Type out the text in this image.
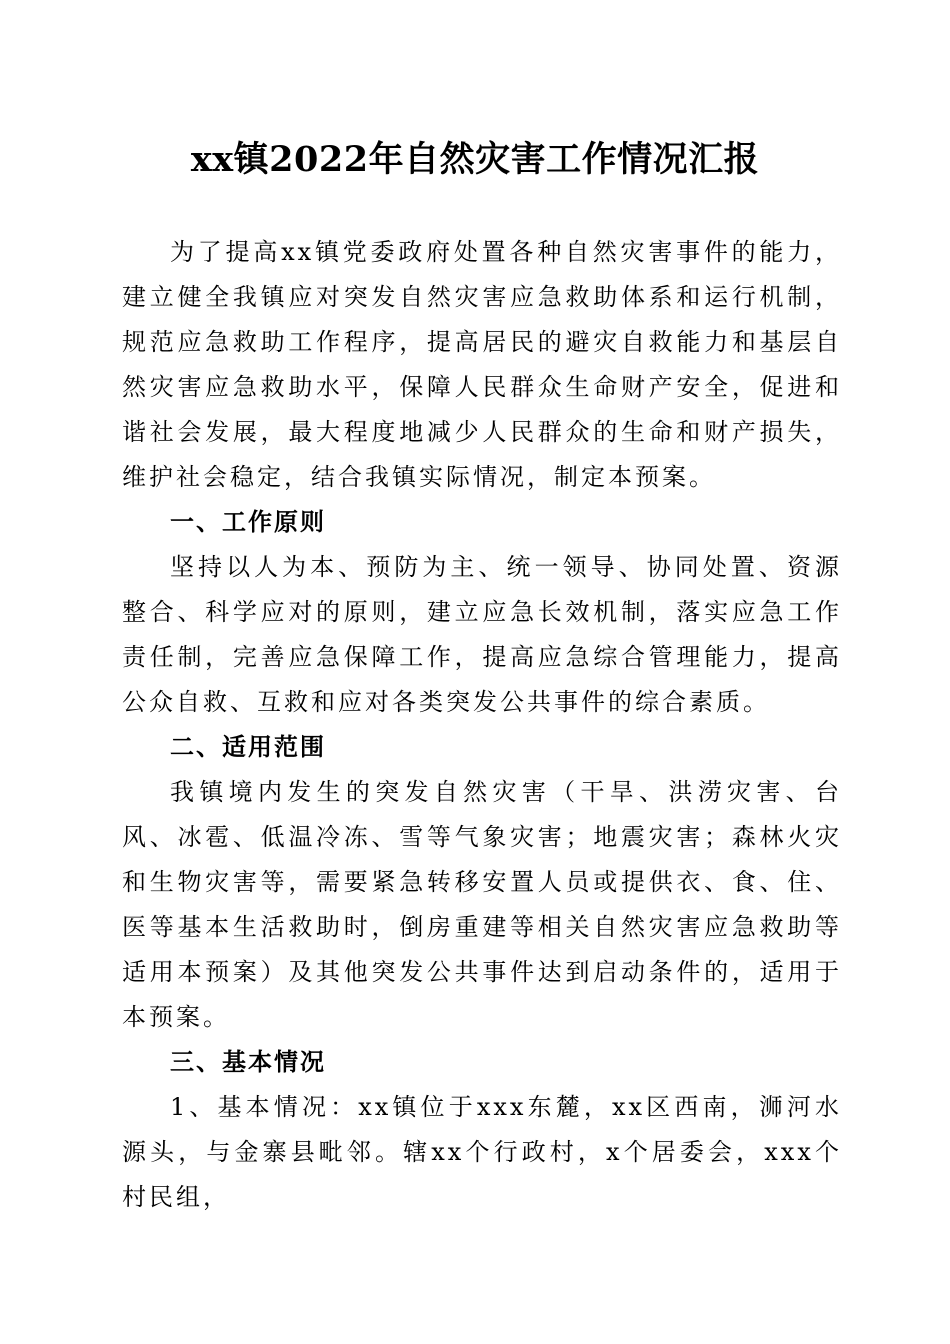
xx镇2022年自然灾害工作情况汇报

为了提高xx镇党委政府处置各种自然灾害事件的能力，建立健全我镇应对突发自然灾害应急救助体系和运行机制，规范应急救助工作程序，提高居民的避灾自救能力和基层自然灾害应急救助水平，保障人民群众生命财产安全，促进和谐社会发展，最大程度地减少人民群众的生命和财产损失，维护社会稳定，结合我镇实际情况，制定本预案。

一、工作原则

坚持以人为本、预防为主、统一领导、协同处置、资源整合、科学应对的原则，建立应急长效机制，落实应急工作责任制，完善应急保障工作，提高应急综合管理能力，提高公众自救、互救和应对各类突发公共事件的综合素质。

二、适用范围

我镇境内发生的突发自然灾害（干旱、洪涝灾害、台风、冰雹、低温冷冻、雪等气象灾害；地震灾害；森林火灾和生物灾害等，需要紧急转移安置人员或提供衣、食、住、医等基本生活救助时，倒房重建等相关自然灾害应急救助等适用本预案）及其他突发公共事件达到启动条件的，适用于本预案。

三、基本情况

1、基本情况：xx镇位于xxx东麓，xx区西南，浉河水源头，与金寨县毗邻。辖xx个行政村，x个居委会，xxx个村民组，
